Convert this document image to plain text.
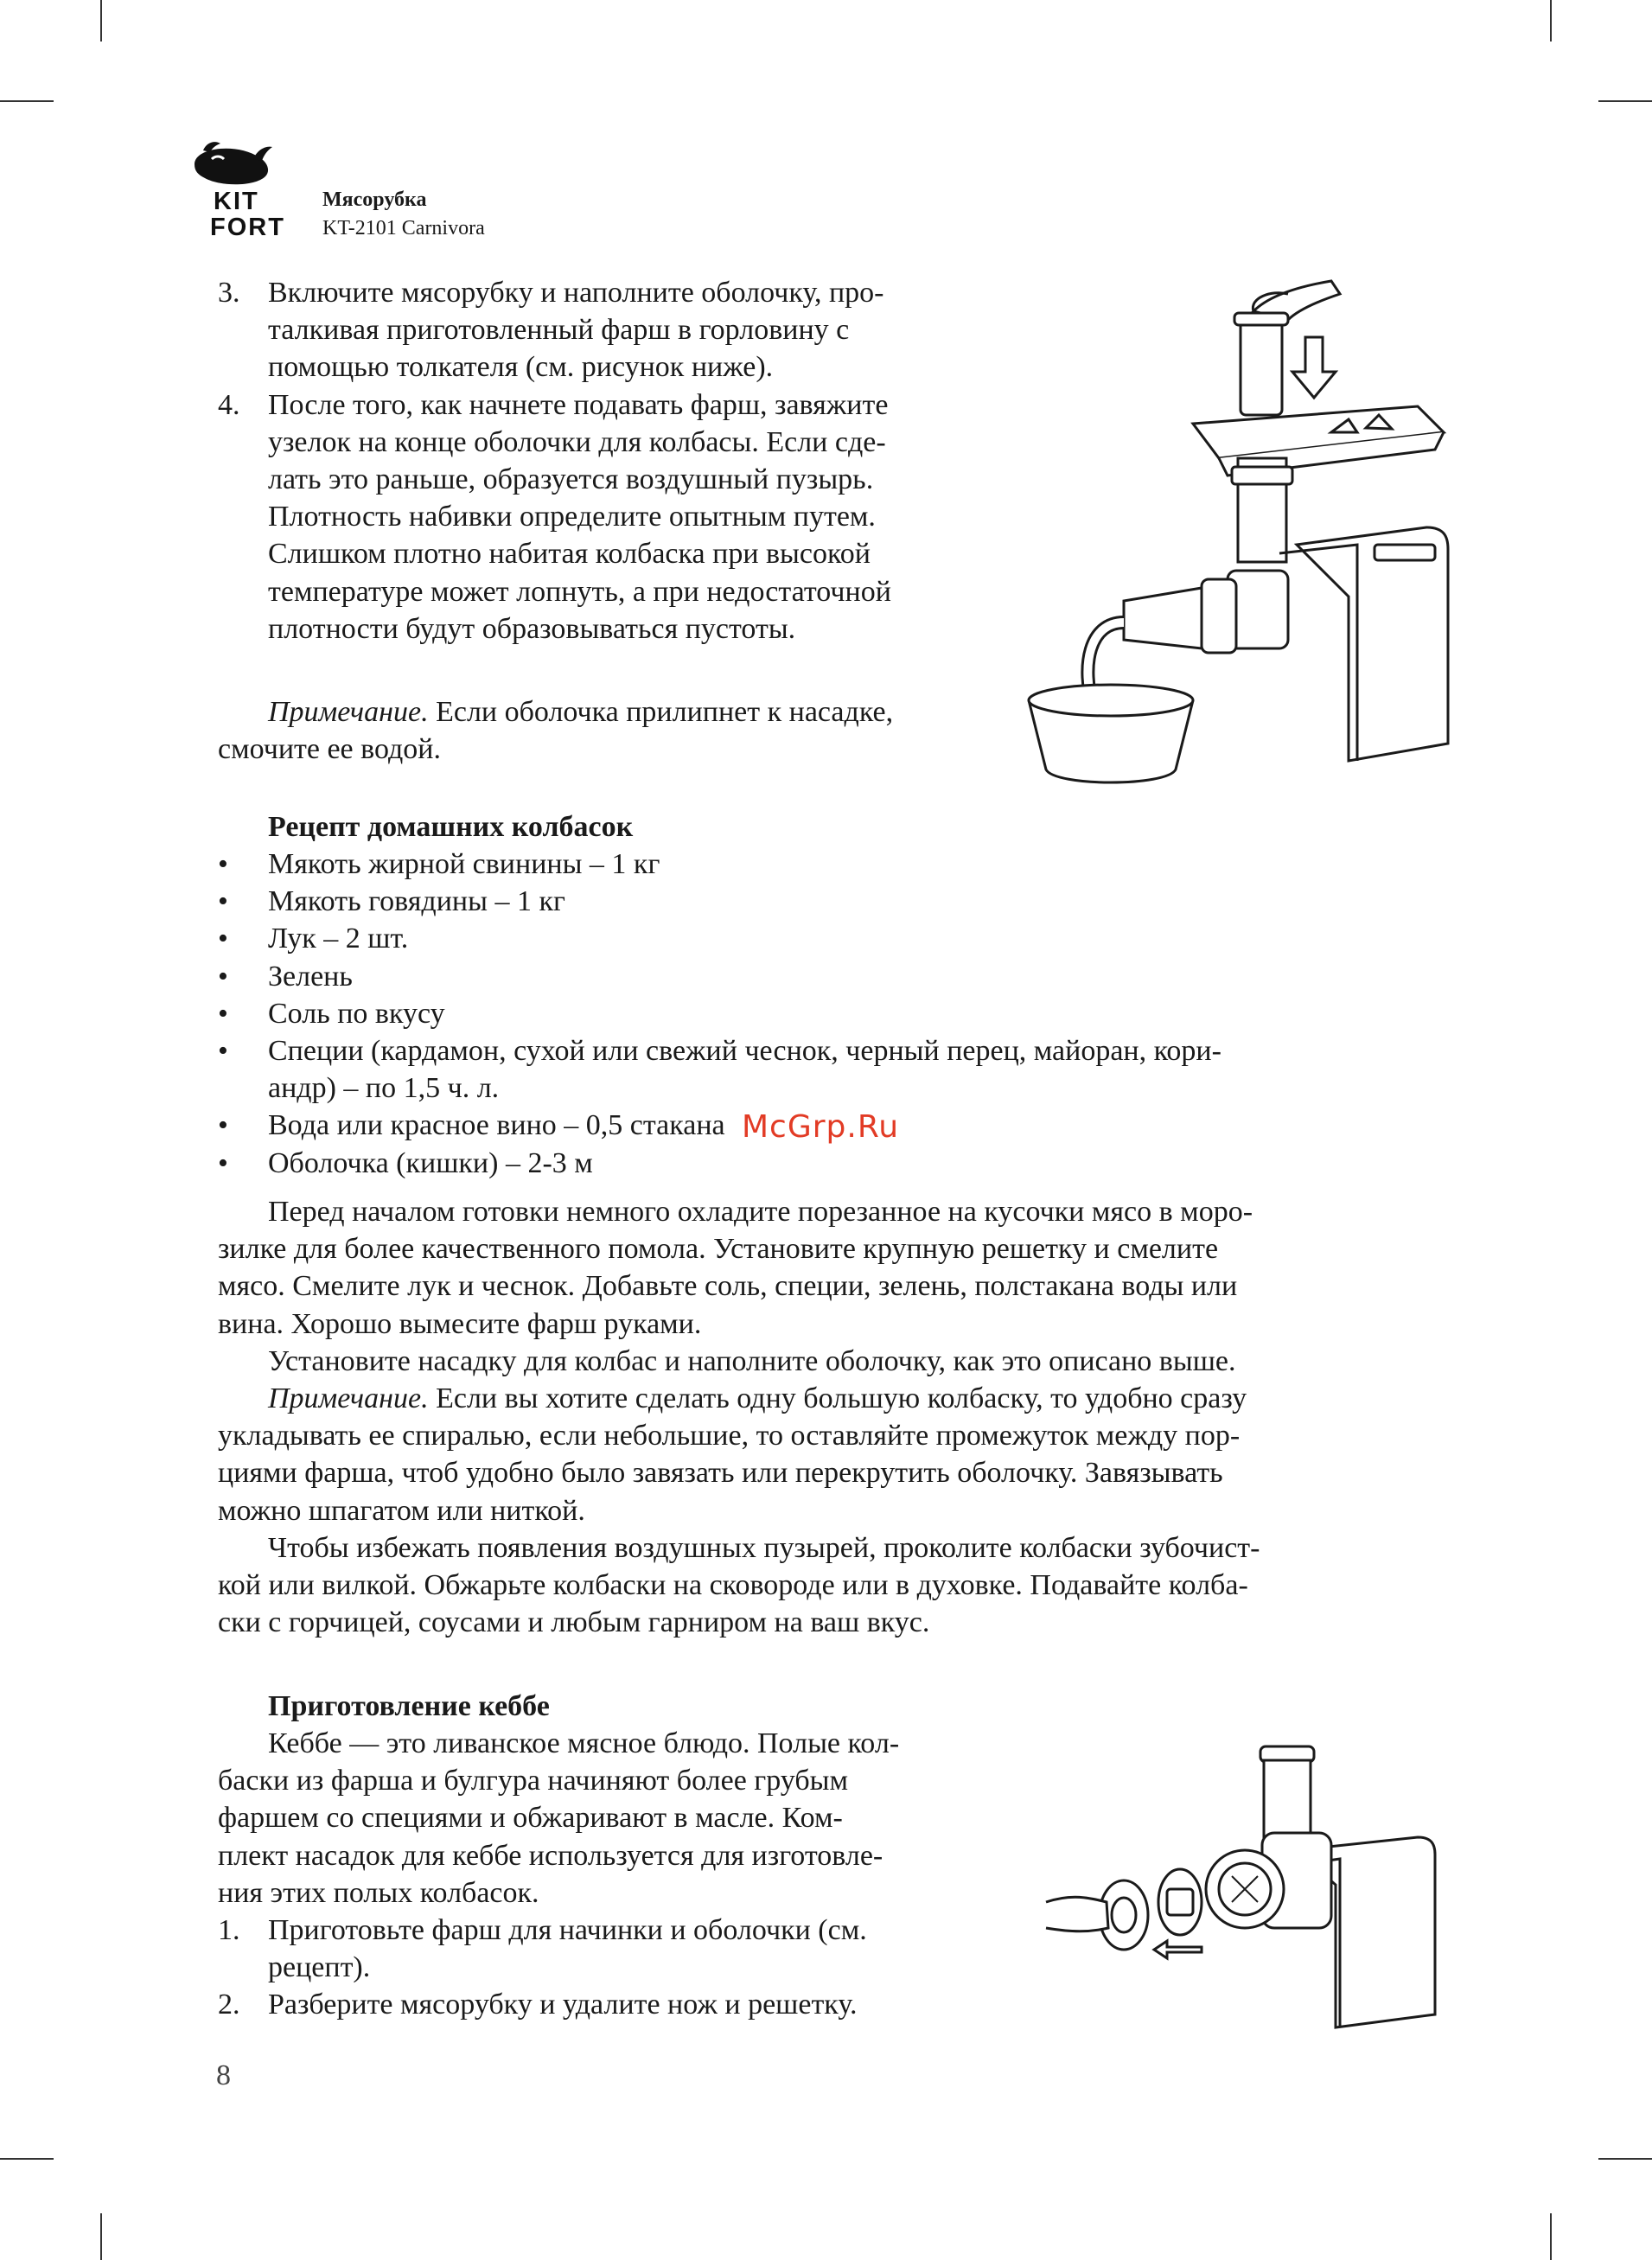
KIT
FORT
Мясорубка
KT-2101 Carnivora
3. Включите мясорубку и наполните оболочку, про-
талкивая приготовленный фарш в горловину с
помощью толкателя (см. рисунок ниже).
4. После того, как начнете подавать фарш, завяжите
узелок на конце оболочки для колбасы. Если сде-
лать это раньше, образуется воздушный пузырь.
Плотность набивки определите опытным путем.
Слишком плотно набитая колбаска при высокой
температуре может лопнуть, а при недостаточной
плотности будут образовываться пустоты.
Примечание. Если оболочка прилипнет к насадке,
смочите ее водой.
Рецепт домашних колбасок
• Мякоть жирной свинины – 1 кг
• Мякоть говядины – 1 кг
• Лук – 2 шт.
• Зелень
• Соль по вкусу
• Специи (кардамон, сухой или свежий чеснок, черный перец, майоран, кори-
андр) – по 1,5 ч. л.
• Вода или красное вино – 0,5 стакана
• Оболочка (кишки) – 2-3 м
Перед началом готовки немного охладите порезанное на кусочки мясо в моро-
зилке для более качественного помола. Установите крупную решетку и смелите
мясо. Смелите лук и чеснок. Добавьте соль, специи, зелень, полстакана воды или
вина. Хорошо вымесите фарш руками.
Установите насадку для колбас и наполните оболочку, как это описано выше.
Примечание. Если вы хотите сделать одну большую колбаску, то удобно сразу
укладывать ее спиралью, если небольшие, то оставляйте промежуток между пор-
циями фарша, чтоб удобно было завязать или перекрутить оболочку. Завязывать
можно шпагатом или ниткой.
Чтобы избежать появления воздушных пузырей, проколите колбаски зубочист-
кой или вилкой. Обжарьте колбаски на сковороде или в духовке. Подавайте колба-
ски с горчицей, соусами и любым гарниром на ваш вкус.
McGrp.Ru
Приготовление кеббе
Кеббе — это ливанское мясное блюдо. Полые кол-
баски из фарша и булгура начиняют более грубым
фаршем со специями и обжаривают в масле. Ком-
плект насадок для кеббе используется для изготовле-
ния этих полых колбасок.
1. Приготовьте фарш для начинки и оболочки (см.
рецепт).
2. Разберите мясорубку и удалите нож и решетку.
8
